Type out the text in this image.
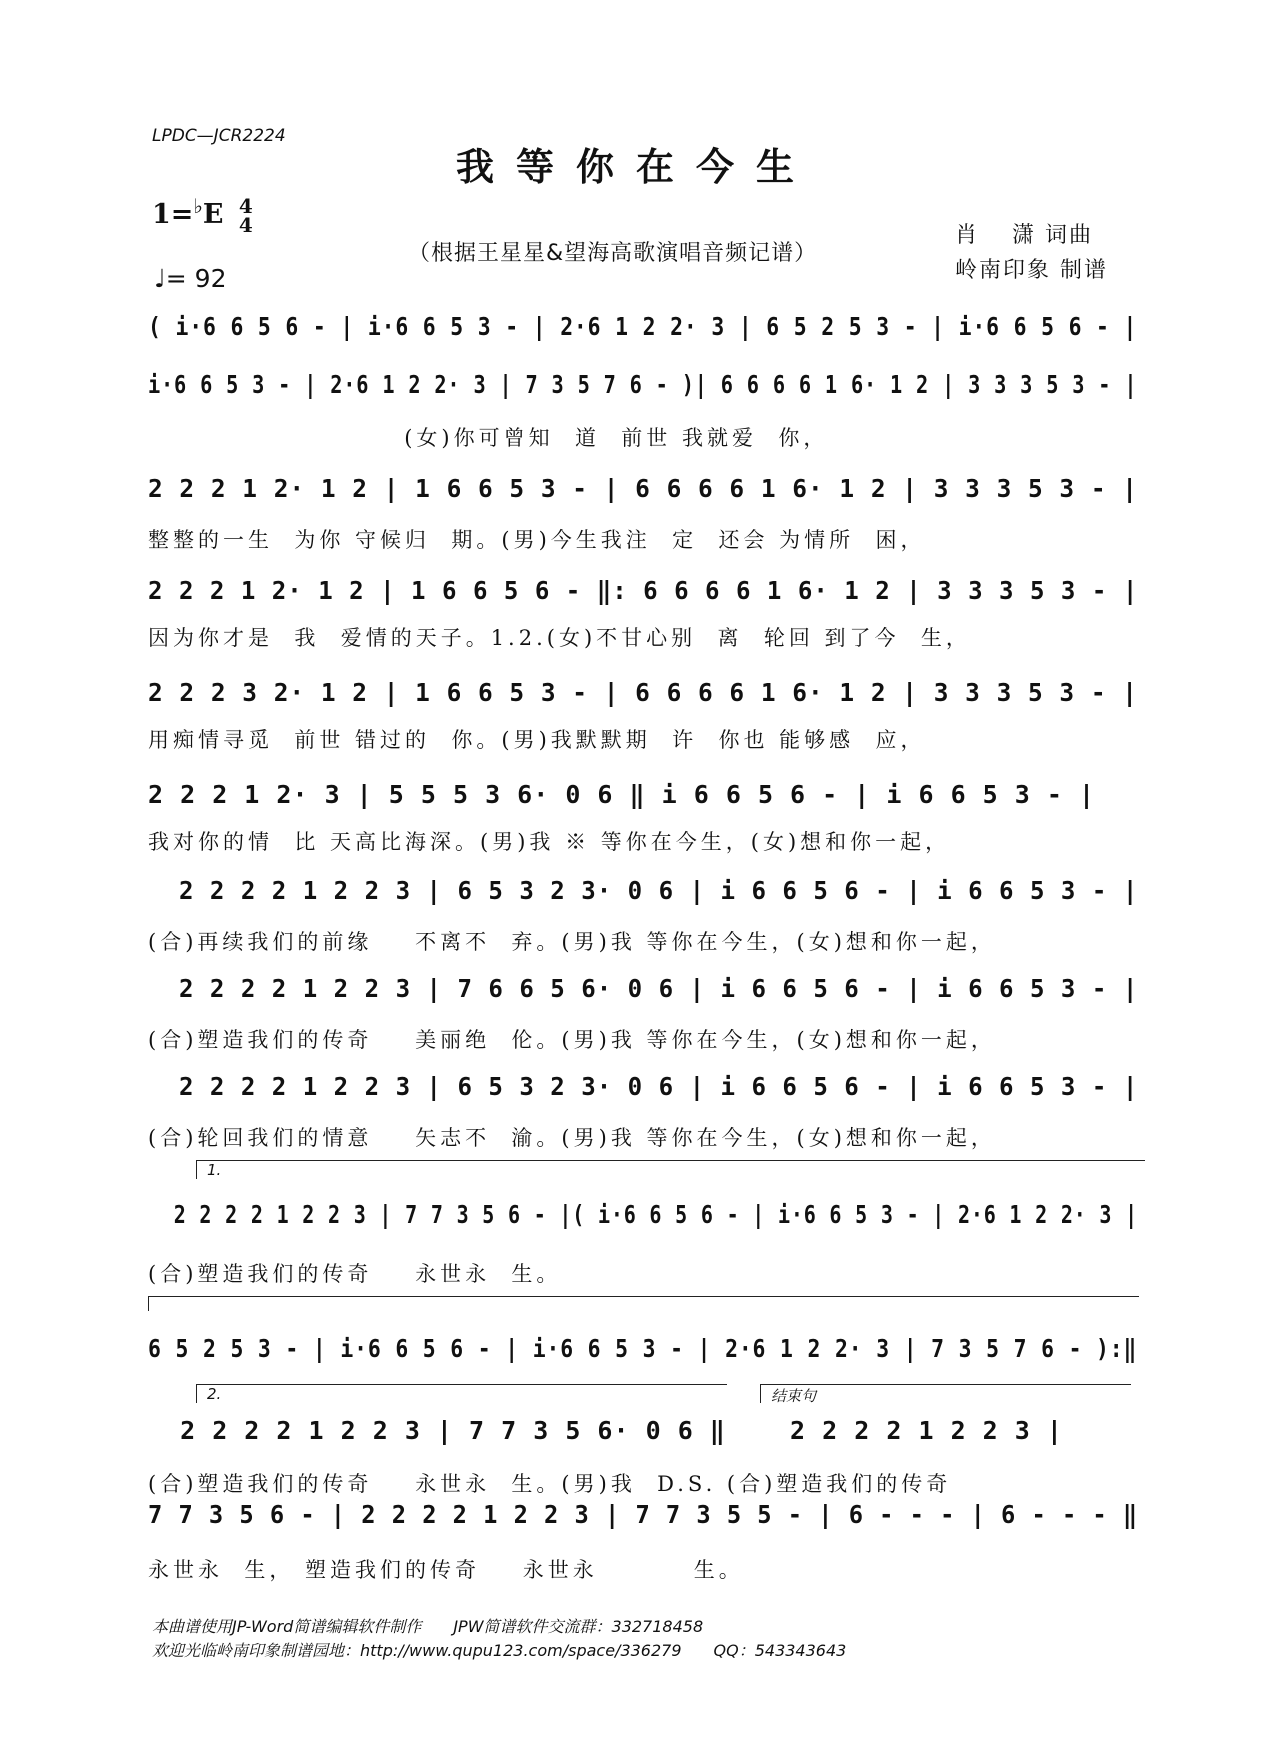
LPDC—JCR2224
我等你在今生
1=♭E 4
4
♩= 92
（根据王星星&望海高歌演唱音频记谱）
肖　 潇 词曲
岭南印象 制谱
( i·6 6 5 6 - | i·6 6 5 3 - | 2·6 1 2 2· 3 | 6 5 2 5 3 - | i·6 6 5 6 - |
i·6 6 5 3 - | 2·6 1 2 2· 3 | 7 3 5 7 6 - )| 6 6 6 6 1 6· 1 2 | 3 3 3 5 3 - |
(女)你可曾知  道  前世 我就爱  你，
2 2 2 1 2· 1 2 | 1 6 6 5 3 - | 6 6 6 6 1 6· 1 2 | 3 3 3 5 3 - |
整整的一生  为你 守候归  期。(男)今生我注  定  还会 为情所  困，
2 2 2 1 2· 1 2 | 1 6 6 5 6 - ‖: 6 6 6 6 1 6· 1 2 | 3 3 3 5 3 - |
因为你才是  我  爱情的天子。1.2.(女)不甘心别  离  轮回 到了今  生，
2 2 2 3 2· 1 2 | 1 6 6 5 3 - | 6 6 6 6 1 6· 1 2 | 3 3 3 5 3 - |
用痴情寻觅  前世 错过的  你。(男)我默默期  许  你也 能够感  应，
2 2 2 1 2· 3 | 5 5 5 3 6· 0 6 ‖ i 6 6 5 6 - | i 6 6 5 3 - |
我对你的情  比 天高比海深。(男)我 ※ 等你在今生，(女)想和你一起，
2 2 2 2 1 2 2 3 | 6 5 3 2 3· 0 6 | i 6 6 5 6 - | i 6 6 5 3 - |
(合)再续我们的前缘    不离不  弃。(男)我 等你在今生，(女)想和你一起，
2 2 2 2 1 2 2 3 | 7 6 6 5 6· 0 6 | i 6 6 5 6 - | i 6 6 5 3 - |
(合)塑造我们的传奇    美丽绝  伦。(男)我 等你在今生，(女)想和你一起，
2 2 2 2 1 2 2 3 | 6 5 3 2 3· 0 6 | i 6 6 5 6 - | i 6 6 5 3 - |
(合)轮回我们的情意    矢志不  渝。(男)我 等你在今生，(女)想和你一起，
1.
2 2 2 2 1 2 2 3 | 7 7 3 5 6 - |( i·6 6 5 6 - | i·6 6 5 3 - | 2·6 1 2 2· 3 |
(合)塑造我们的传奇    永世永  生。
6 5 2 5 3 - | i·6 6 5 6 - | i·6 6 5 3 - | 2·6 1 2 2· 3 | 7 3 5 7 6 - ):‖
2.	结束句
2 2 2 2 1 2 2 3 | 7 7 3 5 6· 0 6 ‖    2 2 2 2 1 2 2 3 |
(合)塑造我们的传奇    永世永  生。(男)我  D.S. (合)塑造我们的传奇
7 7 3 5 6 - | 2 2 2 2 1 2 2 3 | 7 7 3 5 5 - | 6 - - - | 6 - - - ‖
永世永  生， 塑造我们的传奇    永世永         生。
本曲谱使用JP-Word简谱编辑软件制作　　JPW简谱软件交流群：332718458
欢迎光临岭南印象制谱园地：http://www.qupu123.com/space/336279　　QQ：543343643
